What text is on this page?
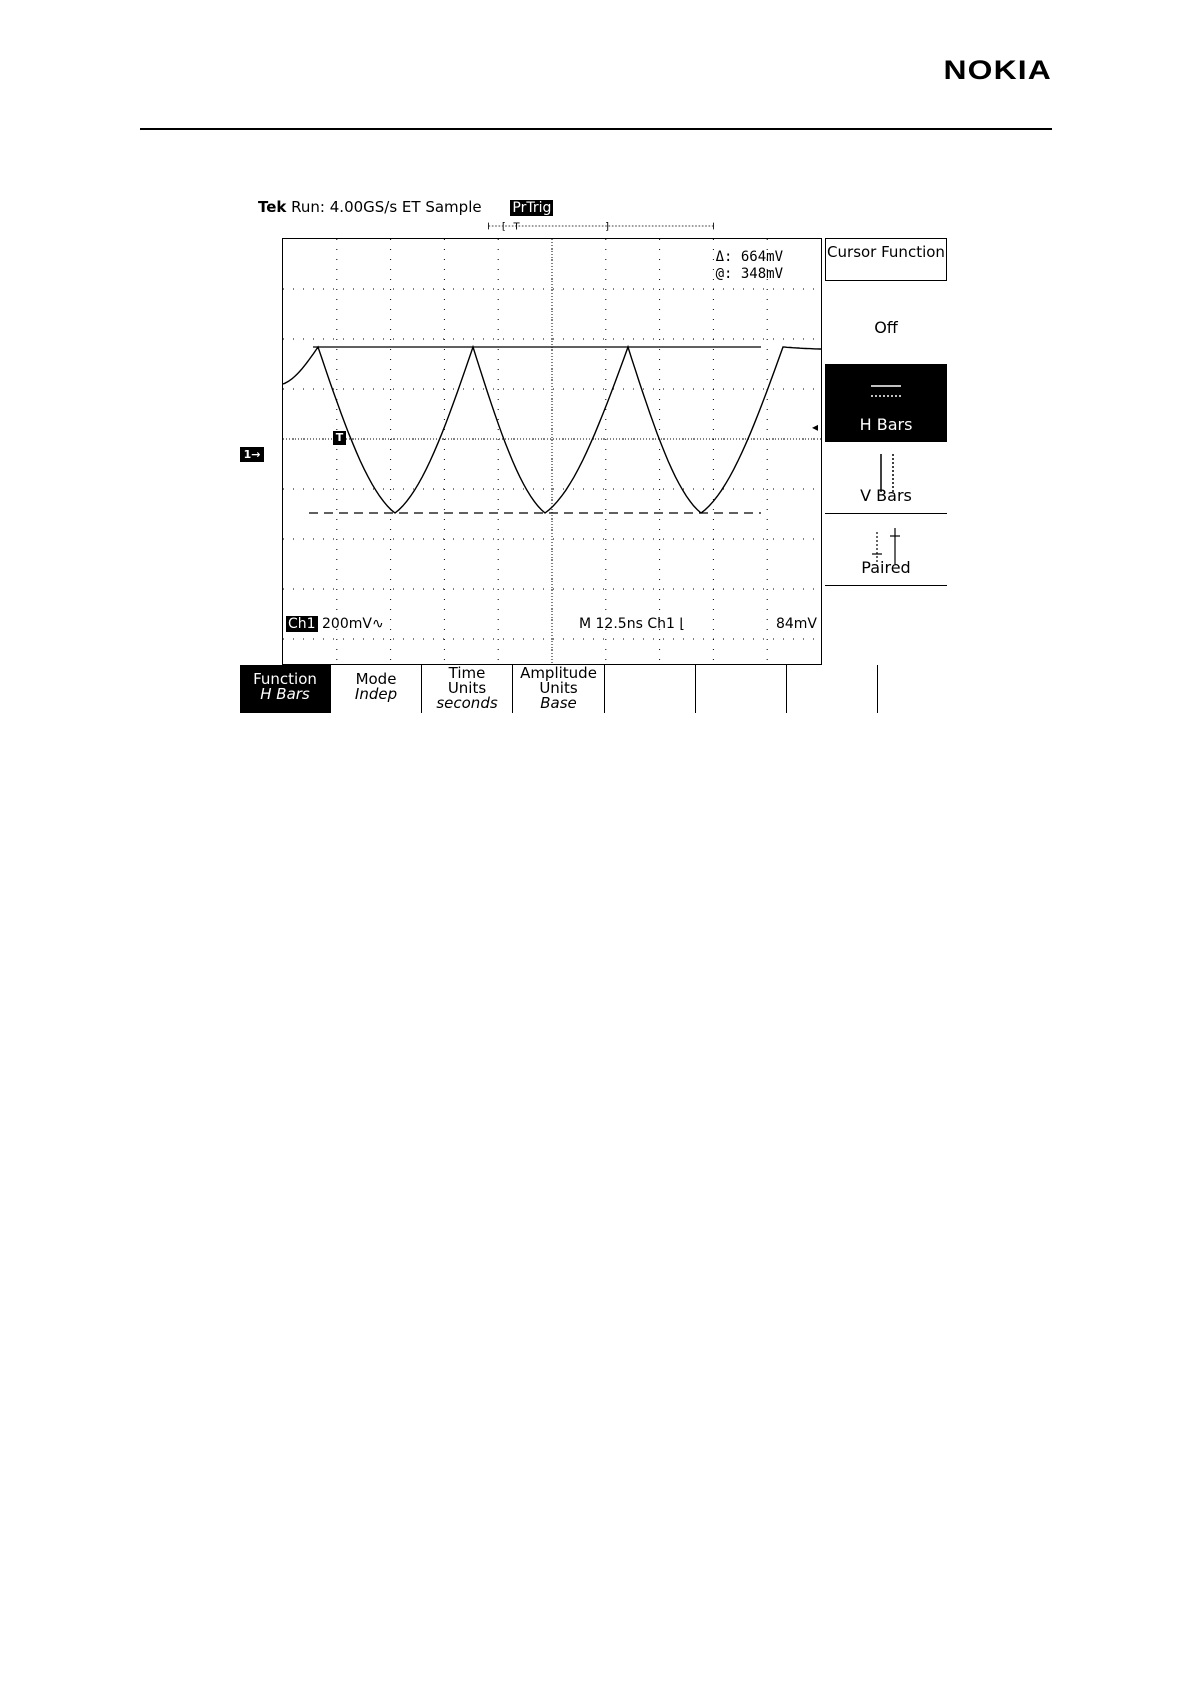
NOKIA
Tek Run: 4.00GS/s ET Sample PrTrig
[ T	]
1→
Δ: 664mV
@: 348mV
T
Ch1 200mV∿	M 12.5ns Ch1 ⌊	84mV
◂
Cursor Function
Off
H Bars
V Bars
Paired
Function
H Bars
Mode
Indep
Time Units
seconds
Amplitude Units
Base
